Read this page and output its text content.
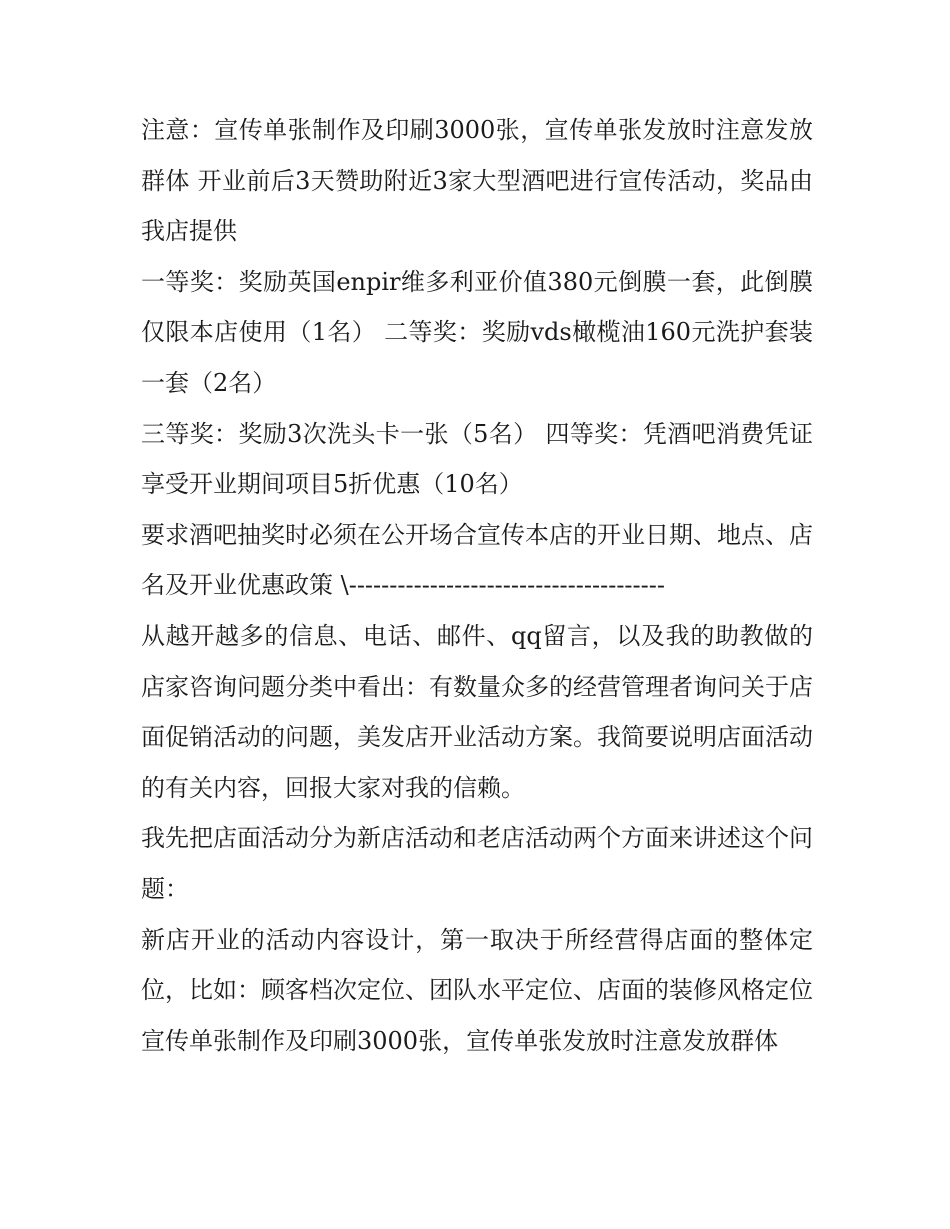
注意：宣传单张制作及印刷3000张，宣传单张发放时注意发放群体 开业前后3天赞助附近3家大型酒吧进行宣传活动，奖品由我店提供

一等奖：奖励英国enpir维多利亚价值380元倒膜一套，此倒膜仅限本店使用（1名） 二等奖：奖励vds橄榄油160元洗护套装一套（2名）

三等奖：奖励3次洗头卡一张（5名） 四等奖：凭酒吧消费凭证享受开业期间项目5折优惠（10名）

要求酒吧抽奖时必须在公开场合宣传本店的开业日期、地点、店名及开业优惠政策 \---------------------------------------

从越开越多的信息、电话、邮件、qq留言，以及我的助教做的店家咨询问题分类中看出：有数量众多的经营管理者询问关于店面促销活动的问题，美发店开业活动方案。我简要说明店面活动的有关内容，回报大家对我的信赖。

我先把店面活动分为新店活动和老店活动两个方面来讲述这个问题：

新店开业的活动内容设计，第一取决于所经营得店面的整体定位，比如：顾客档次定位、团队水平定位、店面的装修风格定位宣传单张制作及印刷3000张，宣传单张发放时注意发放群体
